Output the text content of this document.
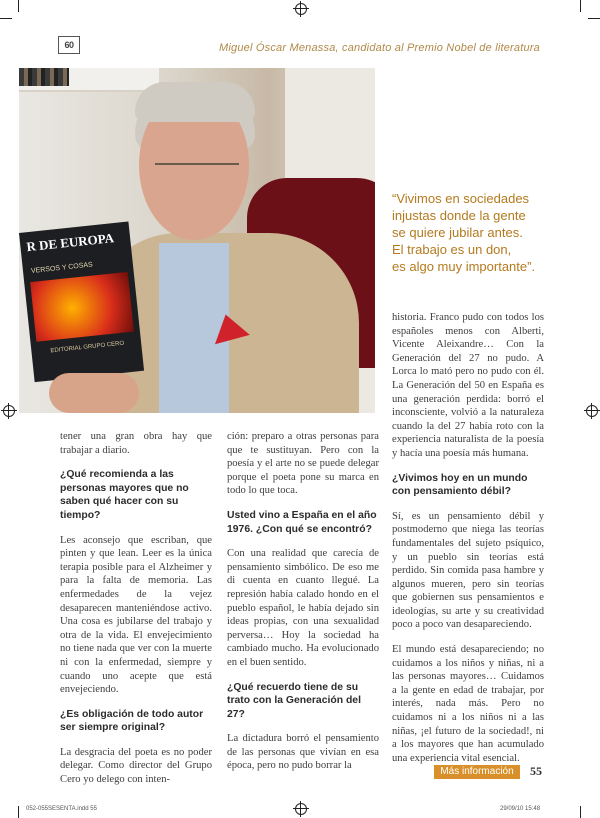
60	Miguel Óscar Menassa, candidato al Premio Nobel de literatura
R DE EUROPA
VERSOS Y COSAS
EDITORIAL GRUPO CERO
“Vivimos en sociedades
injustas donde la gente
se quiere jubilar antes.
El trabajo es un don,
es algo muy importante”.

tener una gran obra hay que trabajar a diario.

¿Qué recomienda a las personas mayores que no saben qué hacer con su tiempo?

Les aconsejo que escriban, que pinten y que lean. Leer es la única terapia posible para el Alzheimer y para la falta de memoria. Las enfermedades de la vejez desaparecen manteniéndose activo. Una cosa es jubilarse del trabajo y otra de la vida. El envejecimiento no tiene nada que ver con la muerte ni con la enfermedad, siempre y cuando uno acepte que está envejeciendo.

¿Es obligación de todo autor ser siempre original?

La desgracia del poeta es no poder delegar. Como director del Grupo Cero yo delego con inten-

ción: preparo a otras personas para que te sustituyan. Pero con la poesía y el arte no se puede delegar porque el poeta pone su marca en todo lo que toca.

Usted vino a España en el año 1976. ¿Con qué se encontró?

Con una realidad que carecía de pensamiento simbólico. De eso me di cuenta en cuanto llegué. La represión había calado hondo en el pueblo español, le había dejado sin ideas propias, con una sexualidad perversa… Hoy la sociedad ha cambiado mucho. Ha evolucionado en el buen sentido.

¿Qué recuerdo tiene de su trato con la Generación del 27?

La dictadura borró el pensamiento de las personas que vivían en esa época, pero no pudo borrar la

historia. Franco pudo con todos los españoles menos con Alberti, Vicente Aleixandre… Con la Generación del 27 no pudo. A Lorca lo mató pero no pudo con él. La Generación del 50 en España es una generación perdida: borró el inconsciente, volvió a la naturaleza cuando la del 27 había roto con la experiencia naturalista de la poesía y hacía una poesía más humana.

¿Vivimos hoy en un mundo con pensamiento débil?

Sí, es un pensamiento débil y postmoderno que niega las teorías fundamentales del sujeto psíquico, y un pueblo sin teorías está perdido. Sin comida pasa hambre y algunos mueren, pero sin teorías que gobiernen sus pensamientos e ideologías, su arte y su creatividad poco a poco van desapareciendo.

El mundo está desapareciendo; no cuidamos a los niños y niñas, ni a las personas mayores… Cuidamos a la gente en edad de trabajar, por interés, nada más. Pero no cuidamos ni a los niños ni a las niñas, ¡el futuro de la sociedad!, ni a los mayores que han acumulado una experiencia vital esencial.

Más información	55
052-055SESENTA.indd 55	29/09/10 15:48
